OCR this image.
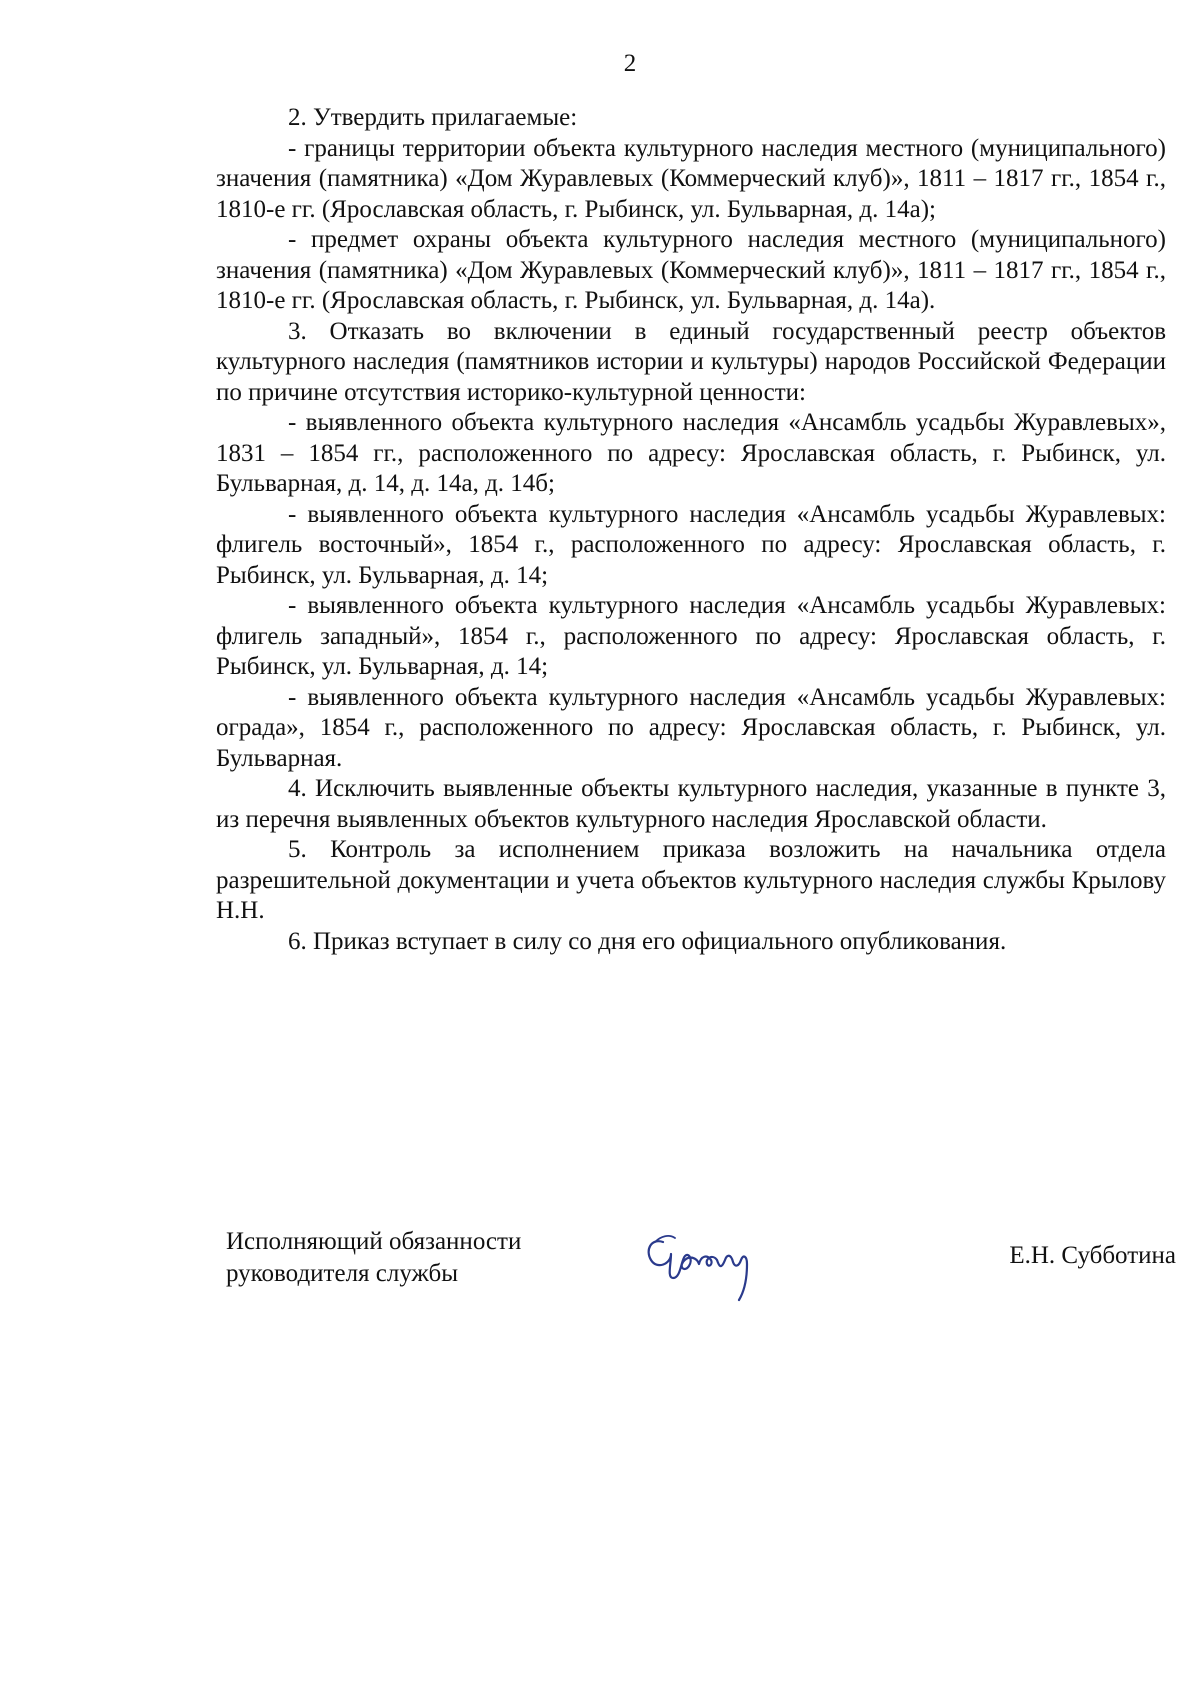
2

2. Утвердить прилагаемые:

- границы территории объекта культурного наследия местного (муниципального) значения (памятника) «Дом Журавлевых (Коммерческий клуб)», 1811 – 1817 гг., 1854 г., 1810-е гг. (Ярославская область, г. Рыбинск, ул. Бульварная, д. 14а);

- предмет охраны объекта культурного наследия местного (муниципального) значения (памятника) «Дом Журавлевых (Коммерческий клуб)», 1811 – 1817 гг., 1854 г., 1810-е гг. (Ярославская область, г. Рыбинск, ул. Бульварная, д. 14а).

3. Отказать во включении в единый государственный реестр объектов культурного наследия (памятников истории и культуры) народов Российской Федерации по причине отсутствия историко-культурной ценности:

- выявленного объекта культурного наследия «Ансамбль усадьбы Журавлевых», 1831 – 1854 гг., расположенного по адресу: Ярославская область, г. Рыбинск, ул. Бульварная, д. 14, д. 14а, д. 14б;

- выявленного объекта культурного наследия «Ансамбль усадьбы Журавлевых: флигель восточный», 1854 г., расположенного по адресу: Ярославская область, г. Рыбинск, ул. Бульварная, д. 14;

- выявленного объекта культурного наследия «Ансамбль усадьбы Журавлевых: флигель западный», 1854 г., расположенного по адресу: Ярославская область, г. Рыбинск, ул. Бульварная, д. 14;

- выявленного объекта культурного наследия «Ансамбль усадьбы Журавлевых: ограда», 1854 г., расположенного по адресу: Ярославская область, г. Рыбинск, ул. Бульварная.

4. Исключить выявленные объекты культурного наследия, указанные в пункте 3, из перечня выявленных объектов культурного наследия Ярославской области.

5. Контроль за исполнением приказа возложить на начальника отдела разрешительной документации и учета объектов культурного наследия службы Крылову Н.Н.

6. Приказ вступает в силу со дня его официального опубликования.

Исполняющий обязанности
руководителя службы
Е.Н. Субботина
